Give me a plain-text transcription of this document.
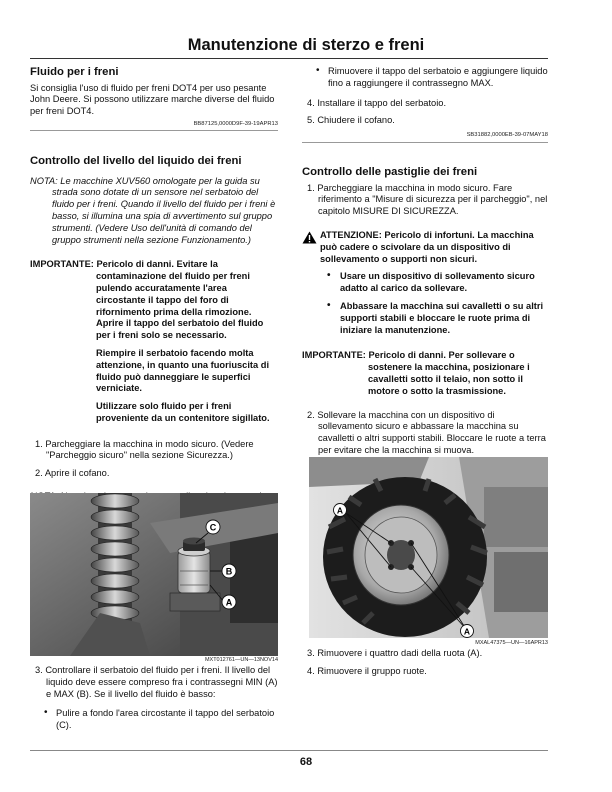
Manutenzione di sterzo e freni
Fluido per i freni

Si consiglia l'uso di fluido per freni DOT4 per uso pesante John Deere. Si possono utilizzare marche diverse del fluido per freni DOT4.

BB87125,0000D9F-39-19APR13
Controllo del livello del liquido dei freni

NOTA: Le macchine XUV560 omologate per la guida su strada sono dotate di un sensore nel serbatoio del fluido per i freni. Quando il livello del fluido per i freni è basso, si illumina una spia di avvertimento sul gruppo strumenti. (Vedere Uso dell'unità di comando del gruppo strumenti nella sezione Funzionamento.)

IMPORTANTE: Pericolo di danni. Evitare la contaminazione del fluido per freni pulendo accuratamente l'area circostante il tappo del foro di rifornimento prima della rimozione. Aprire il tappo del serbatoio del fluido per i freni solo se necessario.

Riempire il serbatoio facendo molta attenzione, in quanto una fuoriuscita di fluido può danneggiare le superfici verniciate.

Utilizzare solo fluido per i freni proveniente da un contenitore sigillato.

1. Parcheggiare la macchina in modo sicuro. (Vedere "Parcheggio sicuro" nella sezione Sicurezza.)

2. Aprire il cofano.

C
B
A
MXT012761—UN—13NOV14

3. Controllare il serbatoio del fluido per i freni. Il livello del liquido deve essere compreso fra i contrassegni MIN (A) e MAX (B). Se il livello del fluido è basso:

• Pulire a fondo l'area circostante il tappo del serbatoio (C).

• Rimuovere il tappo del serbatoio e aggiungere liquido fino a raggiungere il contrassegno MAX.

4. Installare il tappo del serbatoio.

5. Chiudere il cofano.

SB31882,0000EB-39-07MAY18
Controllo delle pastiglie dei freni

1. Parcheggiare la macchina in modo sicuro. Fare riferimento a "Misure di sicurezza per il parcheggio", nel capitolo MISURE DI SICUREZZA.

ATTENZIONE: Pericolo di infortuni. La macchina può cadere o scivolare da un dispositivo di sollevamento o supporti non sicuri.

• Usare un dispositivo di sollevamento sicuro adatto al carico da sollevare.

• Abbassare la macchina sui cavalletti o su altri supporti stabili e bloccare le ruote prima di iniziare la manutenzione.

IMPORTANTE: Pericolo di danni. Per sollevare o sostenere la macchina, posizionare i cavalletti sotto il telaio, non sotto il motore o sotto la trasmissione.

2. Sollevare la macchina con un dispositivo di sollevamento sicuro e abbassare la macchina su cavalletti o altri supporti stabili. Bloccare le ruote a terra per evitare che la macchina si muova.

A
A
MXAL47375—UN—16APR13

3. Rimuovere i quattro dadi della ruota (A).

4. Rimuovere il gruppo ruote.

68
